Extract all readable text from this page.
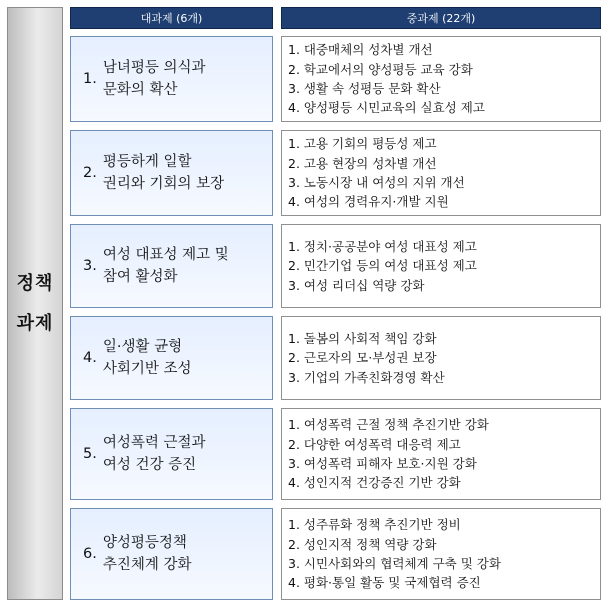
정책
과제
대과제 (6개)	중과제 (22개)
1.
남녀평등 의식과
문화의 확산
1. 대중매체의 성차별 개선
2. 학교에서의 양성평등 교육 강화
3. 생활 속 성평등 문화 확산
4. 양성평등 시민교육의 실효성 제고
2.
평등하게 일할
권리와 기회의 보장
1. 고용 기회의 평등성 제고
2. 고용 현장의 성차별 개선
3. 노동시장 내 여성의 지위 개선
4. 여성의 경력유지·개발 지원
3.
여성 대표성 제고 및
참여 활성화
1. 정치·공공분야 여성 대표성 제고
2. 민간기업 등의 여성 대표성 제고
3. 여성 리더십 역량 강화
4.
일·생활 균형
사회기반 조성
1. 돌봄의 사회적 책임 강화
2. 근로자의 모·부성권 보장
3. 기업의 가족친화경영 확산
5.
여성폭력 근절과
여성 건강 증진
1. 여성폭력 근절 정책 추진기반 강화
2. 다양한 여성폭력 대응력 제고
3. 여성폭력 피해자 보호·지원 강화
4. 성인지적 건강증진 기반 강화
6.
양성평등정책
추진체계 강화
1. 성주류화 정책 추진기반 정비
2. 성인지적 정책 역량 강화
3. 시민사회와의 협력체계 구축 및 강화
4. 평화·통일 활동 및 국제협력 증진
